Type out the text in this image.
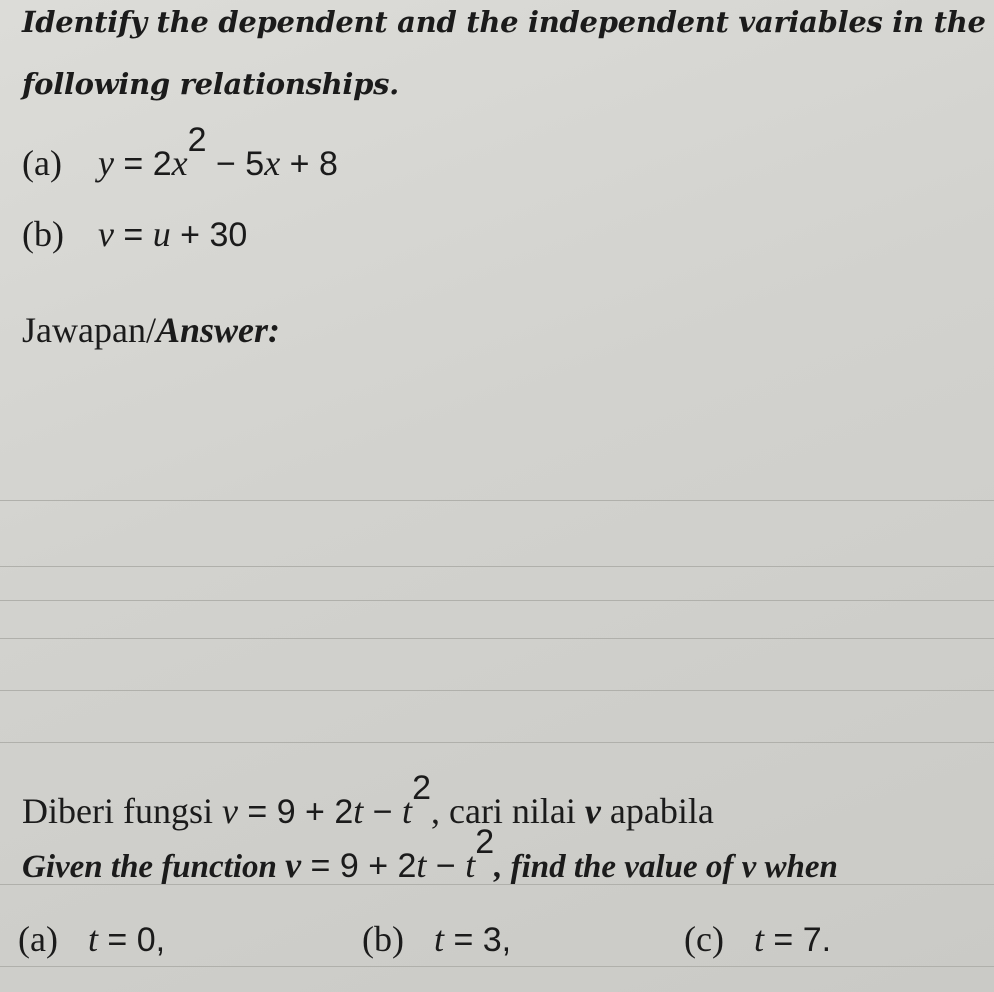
Identify the dependent and the independent variables in the
following relationships.
(a) $y = 2x^2 - 5x + 8$
(b) v = u + 30
Jawapan/Answer:
Diberi fungsi $v = 9 + 2t - t^2$, cari nilai v apabila
Given the function $v = 9 + 2t - t^2$, find the value of v when
(a) t = 0,	(b) t = 3,	(c) t = 7.
